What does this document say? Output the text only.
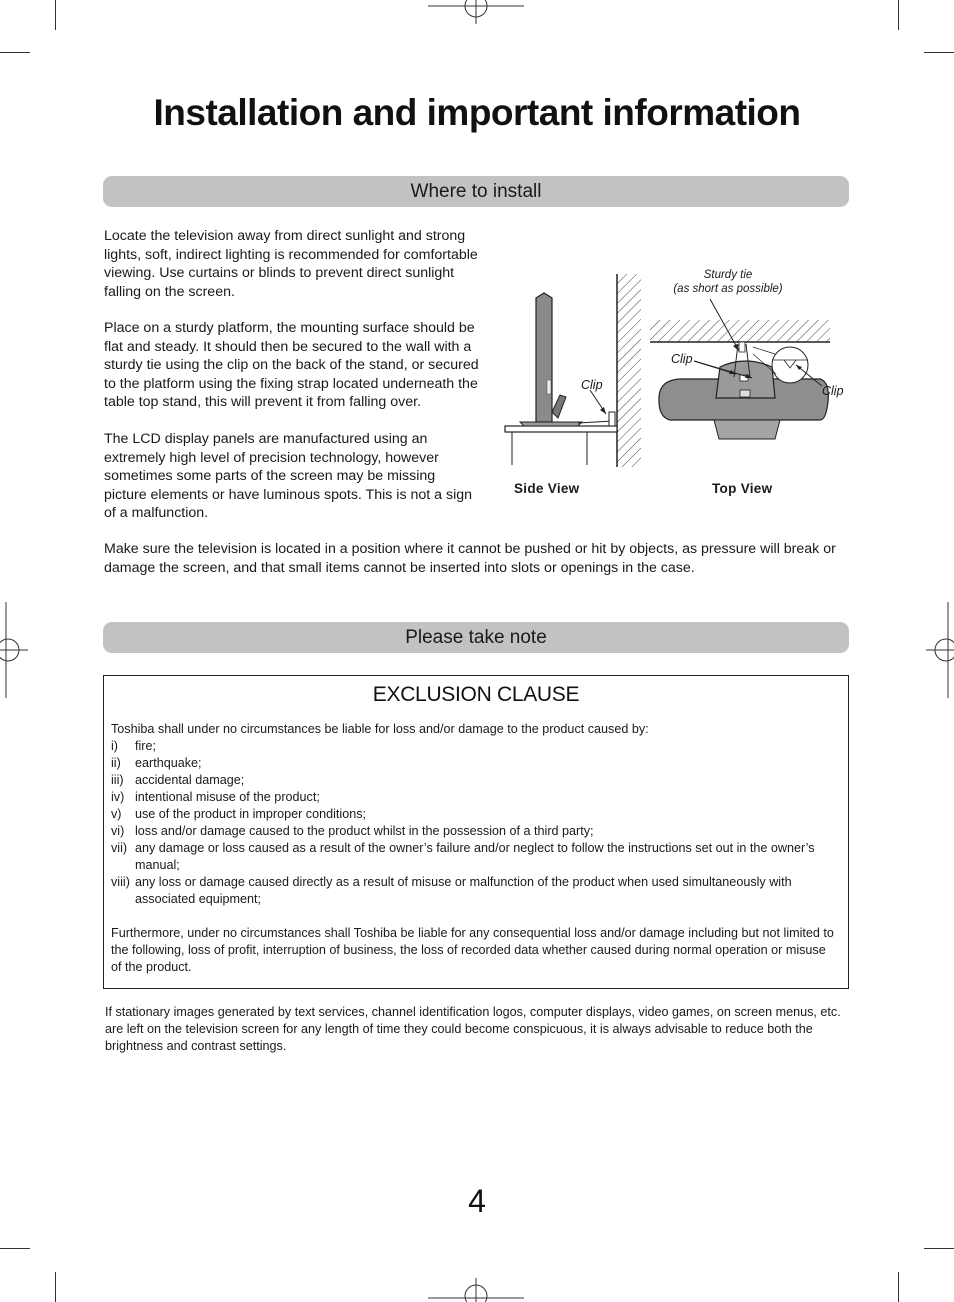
Installation and important information
Where to install
Locate the television away from direct sunlight and strong lights, soft, indirect lighting is recommended for comfortable viewing. Use curtains or blinds to prevent direct sunlight falling on the screen.
Place on a sturdy platform, the mounting surface should be flat and steady. It should then be secured to the wall with a sturdy tie using the clip on the back of the stand, or secured to the platform using the fixing strap located underneath the table top stand, this will prevent it from falling over.
The LCD display panels are manufactured using an extremely high level of precision technology, however sometimes some parts of the screen may be missing picture elements or have luminous spots. This is not a sign of a malfunction.
Make sure the television is located in a position where it cannot be pushed or hit by objects, as pressure will break or damage the screen, and that small items cannot be inserted into slots or openings in the case.
Sturdy tie
(as short as possible)
Clip
Clip
Clip
Side View	Top View
Please take note
EXCLUSION CLAUSE
Toshiba shall under no circumstances be liable for loss and/or damage to the product caused by:
i)	fire;
ii)	earthquake;
iii) accidental damage;
iv) intentional misuse of the product;
v)	use of the product in improper conditions;
vi) loss and/or damage caused to the product whilst in the possession of a third party;
vii) any damage or loss caused as a result of the owner’s failure and/or neglect to follow the instructions set out in the owner’s manual;
viii) any loss or damage caused directly as a result of misuse or malfunction of the product when used simultaneously with associated equipment;
Furthermore, under no circumstances shall Toshiba be liable for any consequential loss and/or damage including but not limited to the following, loss of profit, interruption of business, the loss of recorded data whether caused during normal operation or misuse of the product.
If stationary images generated by text services, channel identification logos, computer displays, video games, on screen menus, etc. are left on the television screen for any length of time they could become conspicuous, it is always advisable to reduce both the brightness and contrast settings.
4
